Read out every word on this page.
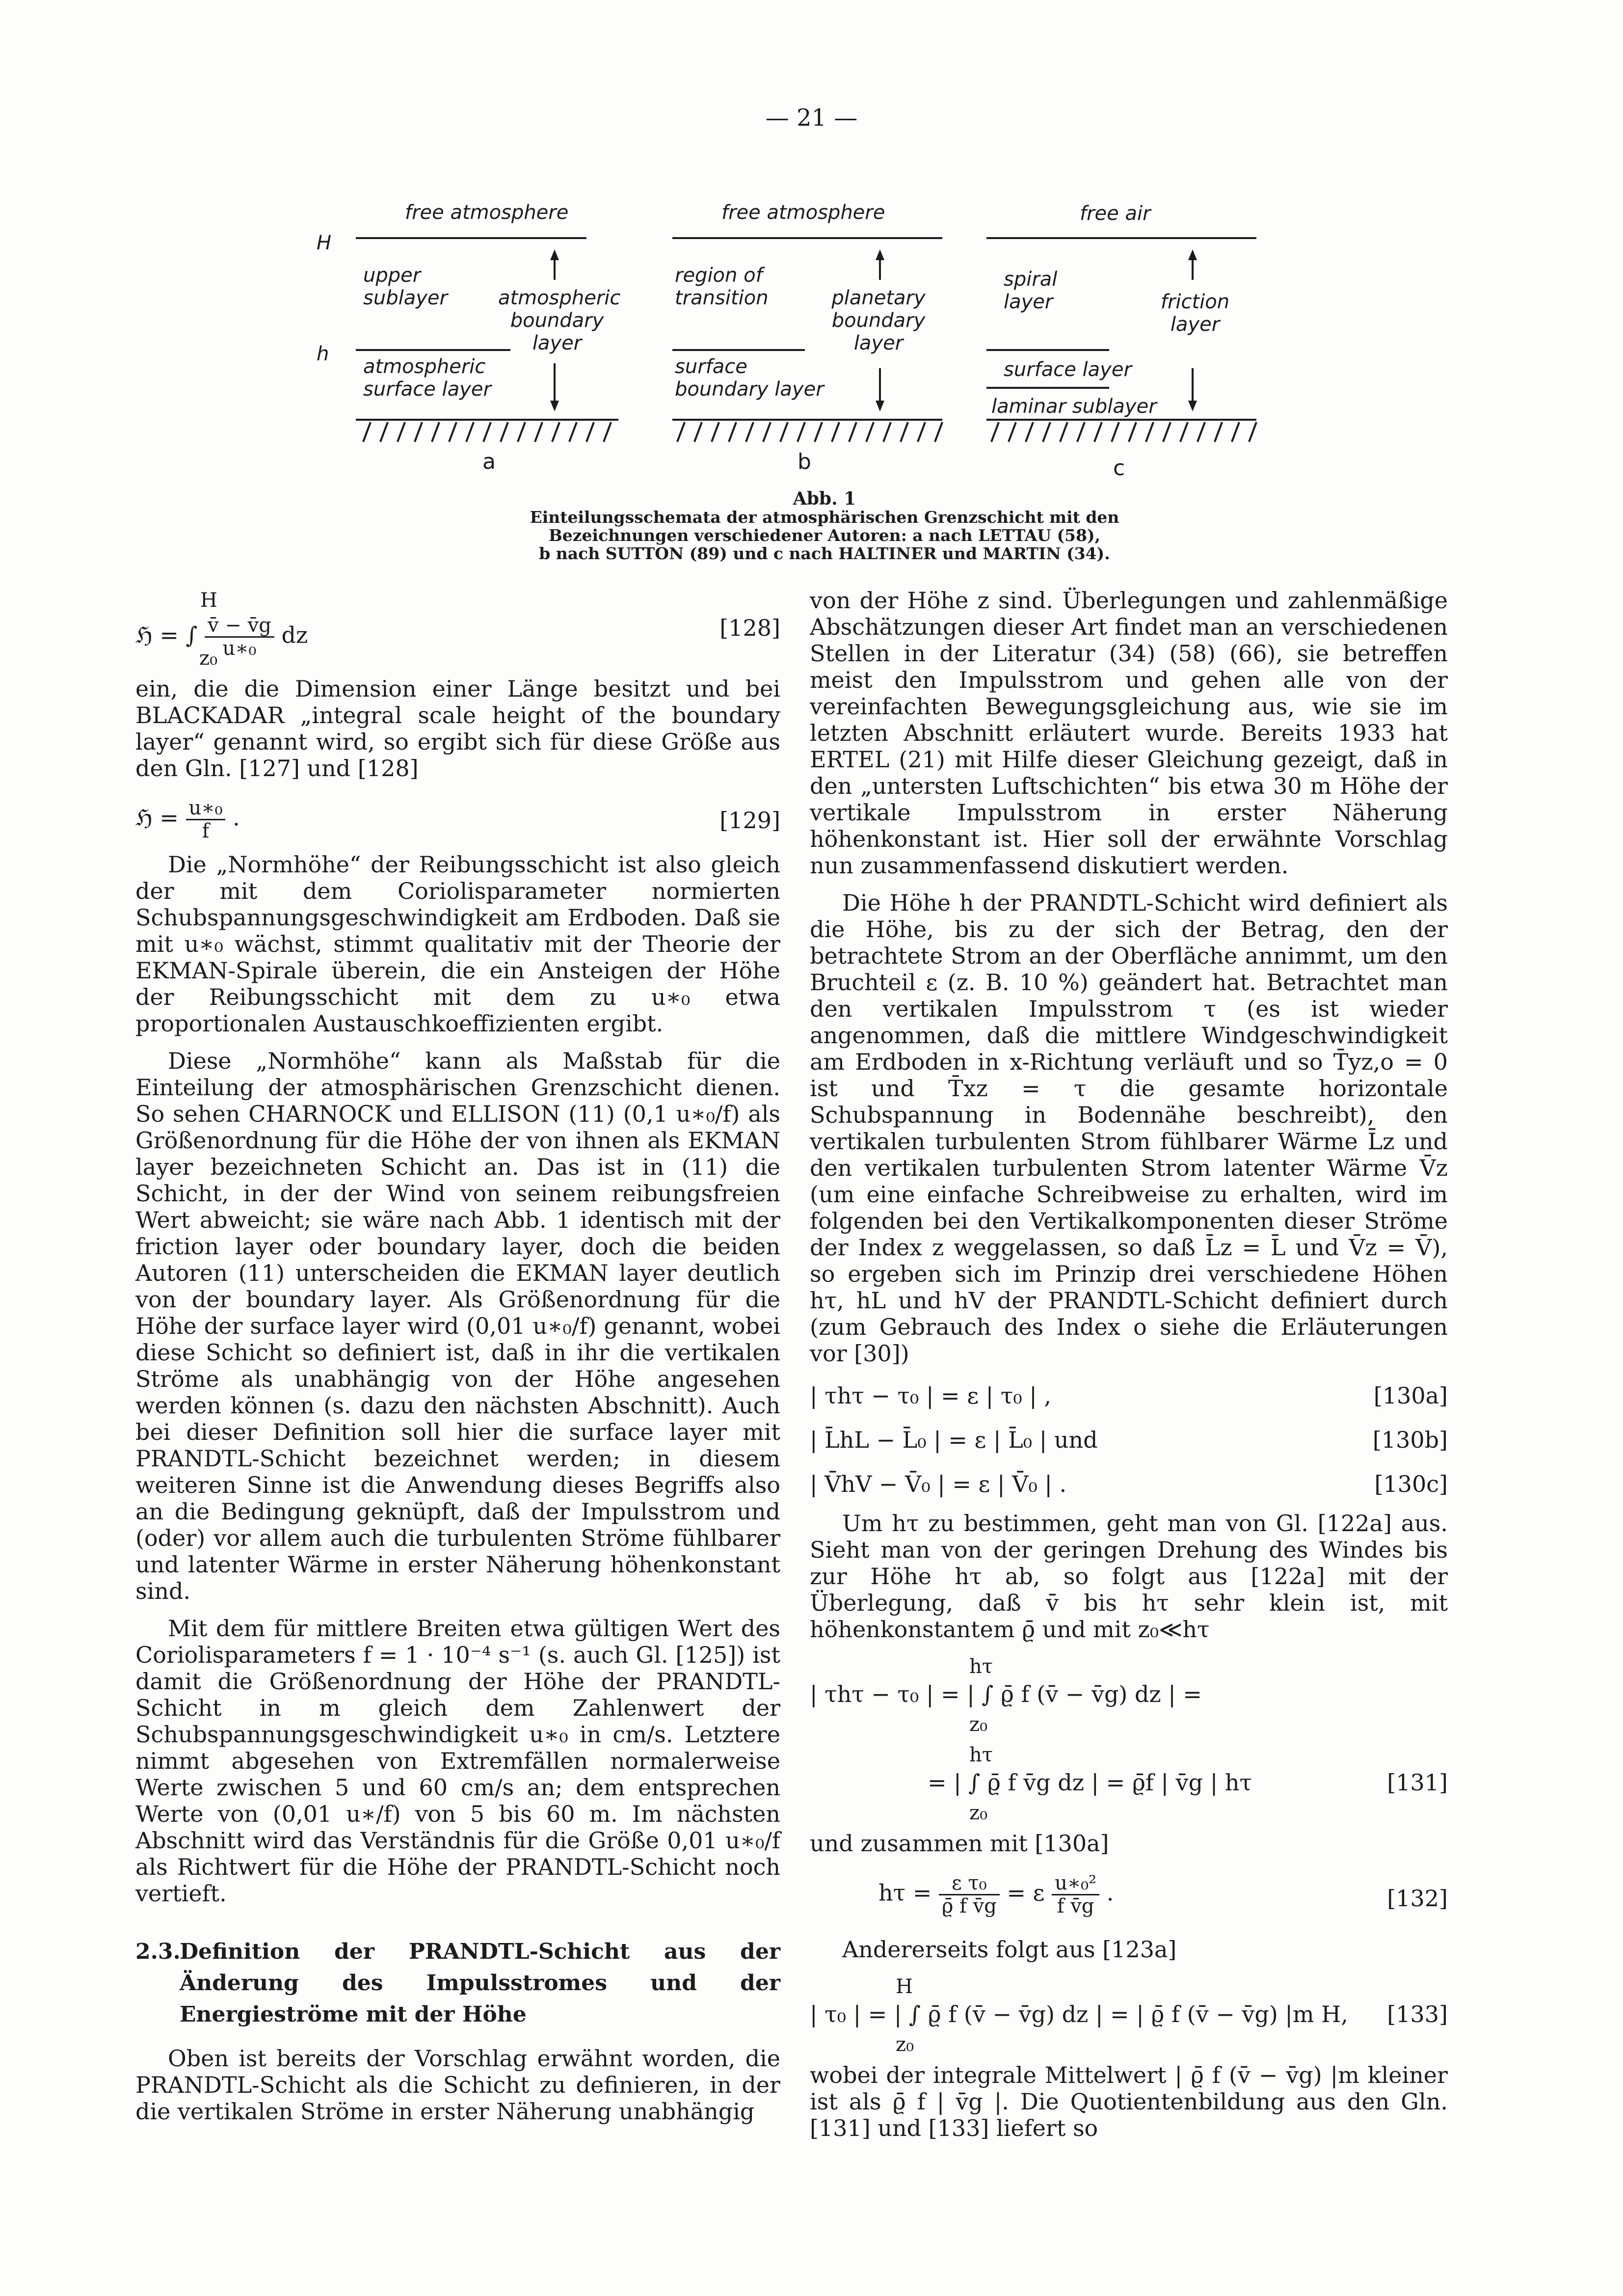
— 21 —
H
h
free atmosphere
upper
sublayer	atmospheric
boundary
layer
atmospheric
surface layer
a
free atmosphere
region of
transition	planetary
boundary
layer
surface
boundary layer
b
free air
spiral
layer	friction
layer
surface layer
laminar sublayer
c
Abb. 1
Einteilungsschemata der atmosphärischen Grenzschicht mit den
Bezeichnungen verschiedener Autoren: a nach LETTAU (58),
b nach SUTTON (89) und c nach HALTINER und MARTIN (34).
H
ℌ = ∫ $\frac{v̄ - v̄g}{\text{u∗₀}}$ dz
z₀
[128]

ein, die die Dimension einer Länge besitzt und bei BLACKADAR „integral scale height of the boundary layer“ genannt wird, so ergibt sich für diese Größe aus den Gln. [127] und [128]

ℌ = $\frac{\text{u∗₀}}{f}$ .	[129]

Die „Normhöhe“ der Reibungsschicht ist also gleich der mit dem Coriolisparameter normierten Schubspannungsgeschwindigkeit am Erdboden. Daß sie mit u∗₀ wächst, stimmt qualitativ mit der Theorie der EKMAN-Spirale überein, die ein Ansteigen der Höhe der Reibungsschicht mit dem zu u∗₀ etwa proportionalen Austauschkoeffizienten ergibt.

Diese „Normhöhe“ kann als Maßstab für die Einteilung der atmosphärischen Grenzschicht dienen. So sehen CHARNOCK und ELLISON (11) (0,1 u∗₀/f) als Größenordnung für die Höhe der von ihnen als EKMAN layer bezeichneten Schicht an. Das ist in (11) die Schicht, in der der Wind von seinem reibungsfreien Wert abweicht; sie wäre nach Abb. 1 identisch mit der friction layer oder boundary layer, doch die beiden Autoren (11) unterscheiden die EKMAN layer deutlich von der boundary layer. Als Größenordnung für die Höhe der surface layer wird (0,01 u∗₀/f) genannt, wobei diese Schicht so definiert ist, daß in ihr die vertikalen Ströme als unabhängig von der Höhe angesehen werden können (s. dazu den nächsten Abschnitt). Auch bei dieser Definition soll hier die surface layer mit PRANDTL-Schicht bezeichnet werden; in diesem weiteren Sinne ist die Anwendung dieses Begriffs also an die Bedingung geknüpft, daß der Impulsstrom und (oder) vor allem auch die turbulenten Ströme fühlbarer und latenter Wärme in erster Näherung höhenkonstant sind.

Mit dem für mittlere Breiten etwa gültigen Wert des Coriolisparameters f = 1 · 10⁻⁴ s⁻¹ (s. auch Gl. [125]) ist damit die Größenordnung der Höhe der PRANDTL-Schicht in m gleich dem Zahlenwert der Schubspannungsgeschwindigkeit u∗₀ in cm/s. Letztere nimmt abgesehen von Extremfällen normalerweise Werte zwischen 5 und 60 cm/s an; dem entsprechen Werte von (0,01 u∗/f) von 5 bis 60 m. Im nächsten Abschnitt wird das Verständnis für die Größe 0,01 u∗₀/f als Richtwert für die Höhe der PRANDTL-Schicht noch vertieft.

2.3.
Definition der PRANDTL-Schicht aus der Änderung des Impulsstromes und der Energieströme mit der Höhe

Oben ist bereits der Vorschlag erwähnt worden, die PRANDTL-Schicht als die Schicht zu definieren, in der die vertikalen Ströme in erster Näherung unabhängig

von der Höhe z sind. Überlegungen und zahlenmäßige Abschätzungen dieser Art findet man an verschiedenen Stellen in der Literatur (34) (58) (66), sie betreffen meist den Impulsstrom und gehen alle von der vereinfachten Bewegungsgleichung aus, wie sie im letzten Abschnitt erläutert wurde. Bereits 1933 hat ERTEL (21) mit Hilfe dieser Gleichung gezeigt, daß in den „untersten Luftschichten“ bis etwa 30 m Höhe der vertikale Impulsstrom in erster Näherung höhenkonstant ist. Hier soll der erwähnte Vorschlag nun zusammenfassend diskutiert werden.

Die Höhe h der PRANDTL-Schicht wird definiert als die Höhe, bis zu der sich der Betrag, den der betrachtete Strom an der Oberfläche annimmt, um den Bruchteil ε (z. B. 10 %) geändert hat. Betrachtet man den vertikalen Impulsstrom τ (es ist wieder angenommen, daß die mittlere Windgeschwindigkeit am Erdboden in x-Richtung verläuft und so T̄yz,o = 0 ist und T̄xz = τ die gesamte horizontale Schubspannung in Bodennähe beschreibt), den vertikalen turbulenten Strom fühlbarer Wärme L̄z und den vertikalen turbulenten Strom latenter Wärme V̄z (um eine einfache Schreibweise zu erhalten, wird im folgenden bei den Vertikalkomponenten dieser Ströme der Index z weggelassen, so daß L̄z = L̄ und V̄z = V̄), so ergeben sich im Prinzip drei verschiedene Höhen hτ, hL und hV der PRANDTL-Schicht definiert durch (zum Gebrauch des Index o siehe die Erläuterungen vor [30])

| τhτ − τ₀ | = ε | τ₀ | ,	[130a]
| L̄hL − L̄₀ | = ε | L̄₀ | und	[130b]
| V̄hV − V̄₀ | = ε | V̄₀ | .	[130c]

Um hτ zu bestimmen, geht man von Gl. [122a] aus. Sieht man von der geringen Drehung des Windes bis zur Höhe hτ ab, so folgt aus [122a] mit der Überlegung, daß v̄ bis hτ sehr klein ist, mit höhenkonstantem ϱ̄ und mit z₀≪hτ

hτ
| τhτ − τ₀ | = | ∫ ϱ̄ f (v̄ − v̄g) dz | =
z₀
hτ
= | ∫ ϱ̄ f v̄g dz | = ϱ̄f | v̄g | hτ
z₀
[131]

und zusammen mit [130a]

$h\tau = \frac{\text{ε τ₀}}{\text{ϱ̄ f v̄g}} = \varepsilon \frac{\text{u∗₀²}}{\text{f v̄g}}$ .	[132]

Andererseits folgt aus [123a]

H
| τ₀ | = | ∫ ϱ̄ f (v̄ − v̄g) dz | = | ϱ̄ f (v̄ − v̄g) |m H,
z₀
[133]

wobei der integrale Mittelwert | ϱ̄ f (v̄ − v̄g) |m kleiner ist als ϱ̄ f | v̄g |. Die Quotientenbildung aus den Gln. [131] und [133] liefert so
